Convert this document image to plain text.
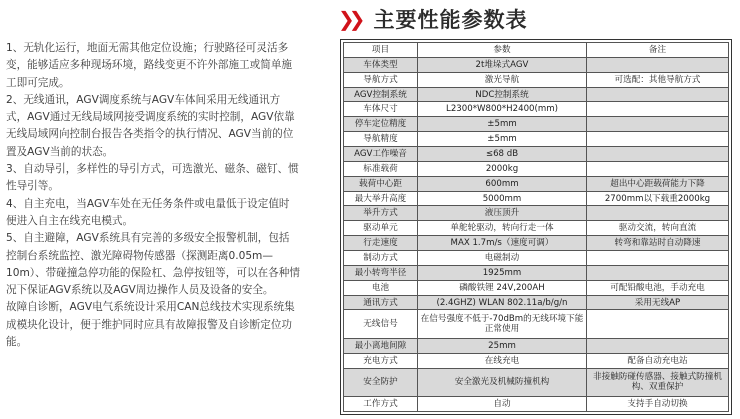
1、无轨化运行，地面无需其他定位设施；行驶路径可灵活多变，能够适应多种现场环境，路线变更不许外部施工或简单施工即可完成。

2、无线通讯，AGV调度系统与AGV车体间采用无线通讯方式，AGV通过无线局域网接受调度系统的实时控制，AGV依靠无线局域网向控制台报告各类指令的执行情况、AGV当前的位置及AGV当前的状态。

3、自动导引，多样性的导引方式，可选激光、磁条、磁钉、惯性导引等。

4、自主充电，当AGV车处在无任务条件或电量低于设定值时便进入自主在线充电模式。

5、自主避障，AGV系统具有完善的多级安全报警机制，包括控制台系统监控、激光障碍物传感器（探测距离0.05m—10m）、带碰撞急停功能的保险杠、急停按钮等，可以在各种情况下保证AGV系统以及AGV周边操作人员及设备的安全。

故障自诊断，AGV电气系统设计采用CAN总线技术实现系统集成模块化设计，便于维护同时应具有故障报警及自诊断定位功能。

❯❯ 主要性能参数表
项目	参数	备注
车体类型	2t堆垛式AGV	
导航方式	激光导航	可选配：其他导航方式
AGV控制系统	NDC控制系统	
车体尺寸	L2300*W800*H2400(mm)	
停车定位精度	±5mm	
导航精度	±5mm	
AGV工作噪音	≤68 dB	
标准载荷	2000kg	
载荷中心距	600mm	超出中心距载荷能力下降
最大举升高度	5000mm	2700mm以下载重2000kg
举升方式	液压顶升	
驱动单元	单舵轮驱动，转向行走一体	驱动交流，转向直流
行走速度	MAX 1.7m/s（速度可调）	转弯和靠站时自动降速
制动方式	电磁制动	
最小转弯半径	1925mm	
电池	磷酸铁锂 24V,200AH	可配铅酸电池，手动充电
通讯方式	(2.4GHZ) WLAN 802.11a/b/g/n	采用无线AP
无线信号	在信号强度不低于-70dBm的无线环境下能正常使用	
最小离地间隙	25mm	
充电方式	在线充电	配备自动充电站
安全防护	安全激光及机械防撞机构	非接触防碰传感器、接触式防撞机构、双重保护
工作方式	自动	支持手自动切换
